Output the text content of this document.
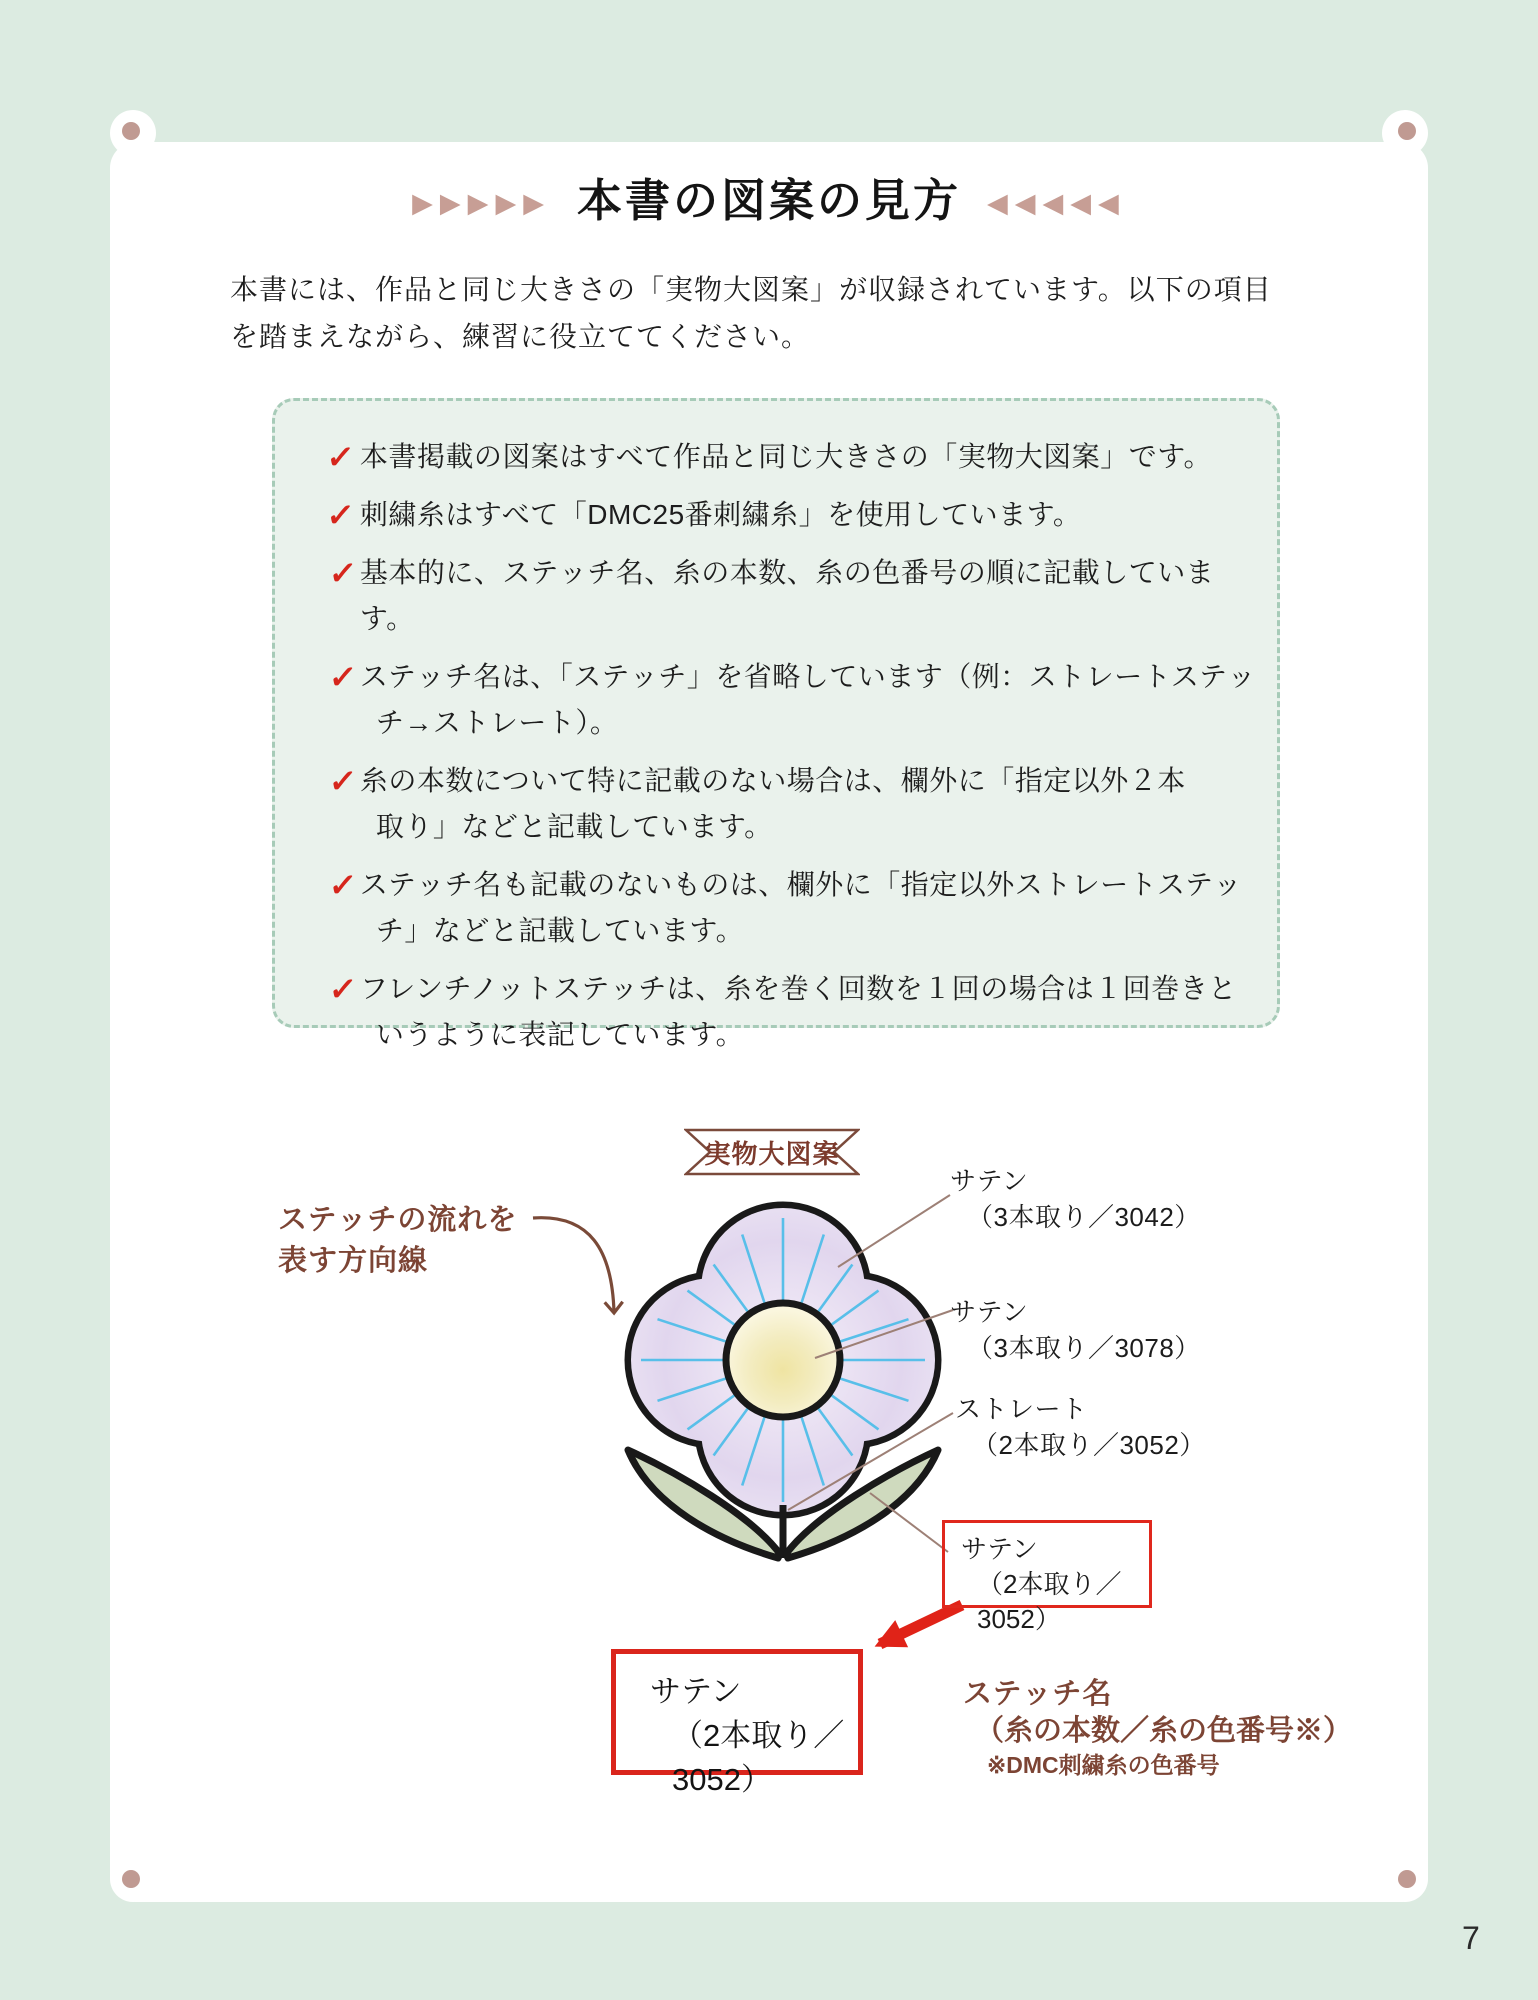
▶▶▶▶▶ 本書の図案の見方 ◀◀◀◀◀
本書には、作品と同じ大きさの「実物大図案」が収録されています。以下の項目
を踏まえながら、練習に役立ててください。
✓ 本書掲載の図案はすべて作品と同じ大きさの「実物大図案」です。
✓ 刺繍糸はすべて「DMC25番刺繍糸」を使用しています。
✓ 基本的に、ステッチ名、糸の本数、糸の色番号の順に記載しています。
✓ ステッチ名は、「ステッチ」を省略しています（例：ストレートステッ
チ→ストレート）。
✓ 糸の本数について特に記載のない場合は、欄外に「指定以外２本
取り」などと記載しています。
✓ ステッチ名も記載のないものは、欄外に「指定以外ストレートステッ
チ」などと記載しています。
✓ フレンチノットステッチは、糸を巻く回数を１回の場合は１回巻きと
いうように表記しています。
実物大図案
ステッチの流れを
表す方向線
サテン
（3本取り／3042）
サテン
（3本取り／3078）
ストレート
（2本取り／3052）
サテン
（2本取り／3052）
サテン
（2本取り／3052）
ステッチ名
（糸の本数／糸の色番号※）
※DMC刺繍糸の色番号
7
